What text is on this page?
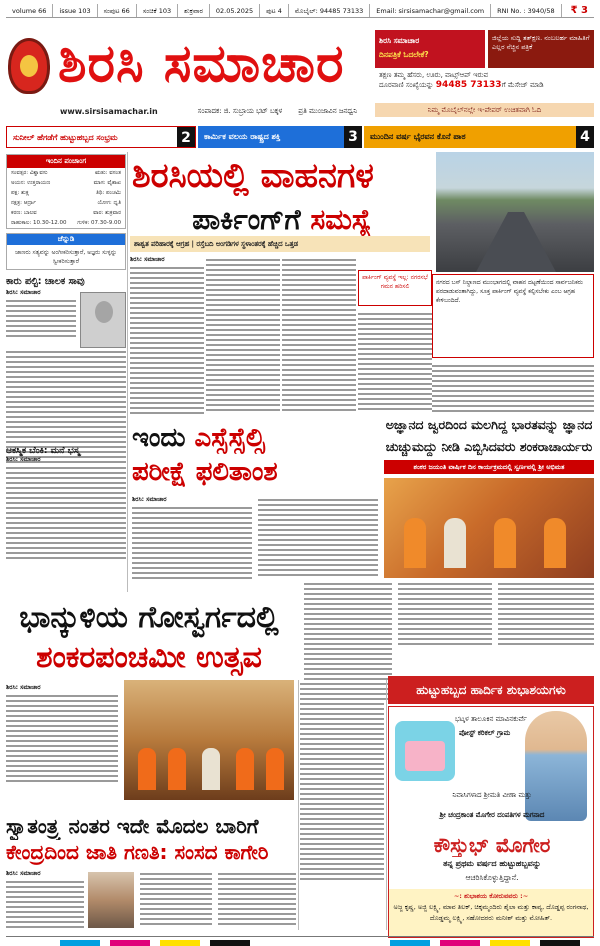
volume 66	issue 103	ಸಂಪುಟ 66	ಸಂಚಿಕೆ 103	ಶುಕ್ರವಾರ	02.05.2025	ಪುಟ 4	ಮೊಬೈಲ್: 94485 73133	Email: sirsisamachar@gmail.com	RNI No. : 3940/58	₹ 3
ಶಿರಸಿ ಸಮಾಚಾರ	ಶಿರಸಿ ಸಮಾಚಾರ
ದಿನಪತ್ರಿಕೆ ಓದಲೇಕೆ?
ಜಿಲ್ಲೆಯ ಸುದ್ದಿ ತತ್‌ಕ್ಷಣ. ನಂಬಲರ್ಹ ಮಾಹಿತಿಗೆ ಎಲ್ಲರ ನೆಚ್ಚಿನ ಪತ್ರಿಕೆ
ತಕ್ಷಣ ತಮ್ಮ ಹೆಸರು, ಊರು, ವಾಟ್ಸ್ಆಪ್ ಇರುವ
ದೂರವಾಣಿ ಸಂಖ್ಯೆಯನ್ನು 94485 73133ಗೆ ಮೆಸೇಜ್ ಮಾಡಿ
ನಿಮ್ಮ ಮೊಬೈಲ್‌ನಲ್ಲೇ ಇ-ಪೇಪರ್ ಉಚಿತವಾಗಿ ಓದಿ
www.sirsisamachar.in	ಸಂಪಾದಕ: ಜಿ. ಸುಬ್ರಾಯ ಭಟ್ ಬಕ್ಕಳ ಪ್ರತಿ ಮುಂಜಾವಿನ ಜನಧ್ವನಿ
ಸುನೀಲ್ ಹೆಗಡೆಗೆ ಹುಟ್ಟುಹಬ್ಬದ ಸಂಭ್ರಮ	2	ಕಾರ್ಮಿಕ ವಲಯ ರಾಷ್ಟ್ರದ ಶಕ್ತಿ	3	ಮುಂದಿನ ವರ್ಷ ಭೈರವನ ಕೊನೆ ಪಾಠ	4
ಇಂದಿನ ಪಂಚಾಂಗ
ಸಂವತ್ಸರ: ವಿಶ್ವಾವಸು	ಋತು: ವಸಂತ
ಅಯನ: ಉತ್ತರಾಯಣ	ಮಾಸ: ವೈಶಾಖ
ಪಕ್ಷ: ಶುಕ್ಲ	ತಿಥಿ: ಪಂಚಮಿ
ನಕ್ಷತ್ರ: ಆರ್ದ್ರಾ	ಯೋಗ: ಧೃತಿ
ಕರಣ: ಬಾಲವ	ವಾರ: ಶುಕ್ರವಾರ
ರಾಹುಕಾಲ: 10.30-12.00 ಗುಳಿಕ: 07.30-9.00
ಚೆನ್ನುಡಿ
ಜಾಣರು ಸತ್ಯವನ್ನು ಅಂಗೀಕರಿಸುತ್ತಾರೆ, ಅಜ್ಞರು ಸುಳ್ಳನ್ನು ಸ್ವೀಕರಿಸುತ್ತಾರೆ
ಕಾರು ಪಲ್ಟಿ: ಚಾಲಕ ಸಾವು
ಶಿರಸಿ: ಸಮಾಚಾರ
ಶಿರಸಿಯಲ್ಲಿ ವಾಹನಗಳ
ಪಾರ್ಕಿಂಗ್‌ಗೆ ಸಮಸ್ಯೆ
ಶಾಶ್ವತ ಪರಿಹಾರಕ್ಕೆ ಆಗ್ರಹ | ರಸ್ತೆಬದಿ ಅಂಗಡಿಗಳ ಸ್ಥಳಾಂತರಕ್ಕೆ ಹೆಚ್ಚಿದ ಒತ್ತಡ
ನಗರದ ಬಸ್ ನಿಲ್ದಾಣದ ಮುಂಭಾಗದಲ್ಲಿ ವಾಹನ ದಟ್ಟಣೆಯಿಂದ ಸಾರ್ವಜನಿಕರು ಪರದಾಡುವಂತಾಗಿದ್ದು, ಸೂಕ್ತ ಪಾರ್ಕಿಂಗ್ ವ್ಯವಸ್ಥೆ ಕಲ್ಪಿಸಬೇಕು ಎಂಬ ಆಗ್ರಹ ಕೇಳಿಬಂದಿದೆ.
ಶಿರಸಿ: ಸಮಾಚಾರ
ಪಾರ್ಕಿಂಗ್ ವ್ಯವಸ್ಥೆ ಇಲ್ಲ: ನಗರಸಭೆ ಗಮನ ಹರಿಸಲಿ
ಆಕಸ್ಮಿಕ ಬೆಂಕಿ: ಮನೆ ಭಸ್ಮ
ಶಿರಸಿ: ಸಮಾಚಾರ
ಇಂದು ಎಸ್ಸೆಸ್ಸೆಲ್ಸಿ
ಪರೀಕ್ಷೆ ಫಲಿತಾಂಶ
ಶಿರಸಿ: ಸಮಾಚಾರ
ಅಜ್ಞಾನದ ಜ್ವರದಿಂದ ಮಲಗಿದ್ದ ಭಾರತವನ್ನು ಜ್ಞಾನದ
ಚುಚ್ಚುಮದ್ದು ನೀಡಿ ಎಬ್ಬಿಸಿದವರು ಶಂಕರಾಚಾರ್ಯರು
ಶಂಕರ ಜಯಂತಿ ವಾರ್ಷಿಕ ದಿನ ಕಾರ್ಯಕ್ರಮದಲ್ಲಿ ಸ್ವರ್ಣವಲ್ಲಿ ಶ್ರೀ ಅಭಿಮತ
ಭಾನ್ಕುಳಿಯ ಗೋಸ್ವರ್ಗದಲ್ಲಿ
ಶಂಕರಪಂಚಮೀ ಉತ್ಸವ
ಶಿರಸಿ: ಸಮಾಚಾರ	ಹುಟ್ಟುಹಬ್ಬದ ಹಾರ್ದಿಕ ಶುಭಾಶಯಗಳು
ಭಟ್ಕಳ ತಾಲೂಕಿನ ಮಾವಿನಕುರ್ವೆ
ಪೋಸ್ಟ್ ಕರಿಕಲ್ ಗ್ರಾಮ
ನಿವಾಸಿಗಳಾದ ಶ್ರೀಮತಿ ವೀಣಾ ಮತ್ತು
ಶ್ರೀ ಚಂದ್ರಕಾಂತ ಮೊಗೇರ ದಂಪತಿಗಳ ಮಗನಾದ
ಕೌಸ್ತುಭ್ ಮೊಗೇರ
ತನ್ನ ಪ್ರಥಮ ವರ್ಷದ ಹುಟ್ಟುಹಬ್ಬವನ್ನು
ಆಚರಿಸಿಕೊಳ್ಳುತ್ತಿದ್ದಾನೆ.
~: ಶುಭಾಶಯ ಕೋರುವವರು :~
ಅಜ್ಜ ಕೃಷ್ಣ, ಅಜ್ಜಿ ಲಕ್ಷ್ಮಿ, ಮಾವ ತಿಲಕ್, ಚಿಕ್ಕಮ್ಮಂದಿರು ಶೈಲಾ ಮತ್ತು ಕಾವ್ಯ, ದೊಡ್ಡಪ್ಪ ರಂಗನಾಥ, ದೊಡ್ಡಮ್ಮ ಲಕ್ಷ್ಮಿ, ಸಹೋದರರು ಮನೀಶ್ ಮತ್ತು ಮೋಹಿತ್.
ಸ್ವಾತಂತ್ರ್ಯ ನಂತರ ಇದೇ ಮೊದಲ ಬಾರಿಗೆ
ಕೇಂದ್ರದಿಂದ ಜಾತಿ ಗಣತಿ: ಸಂಸದ ಕಾಗೇರಿ
ಶಿರಸಿ: ಸಮಾಚಾರ
